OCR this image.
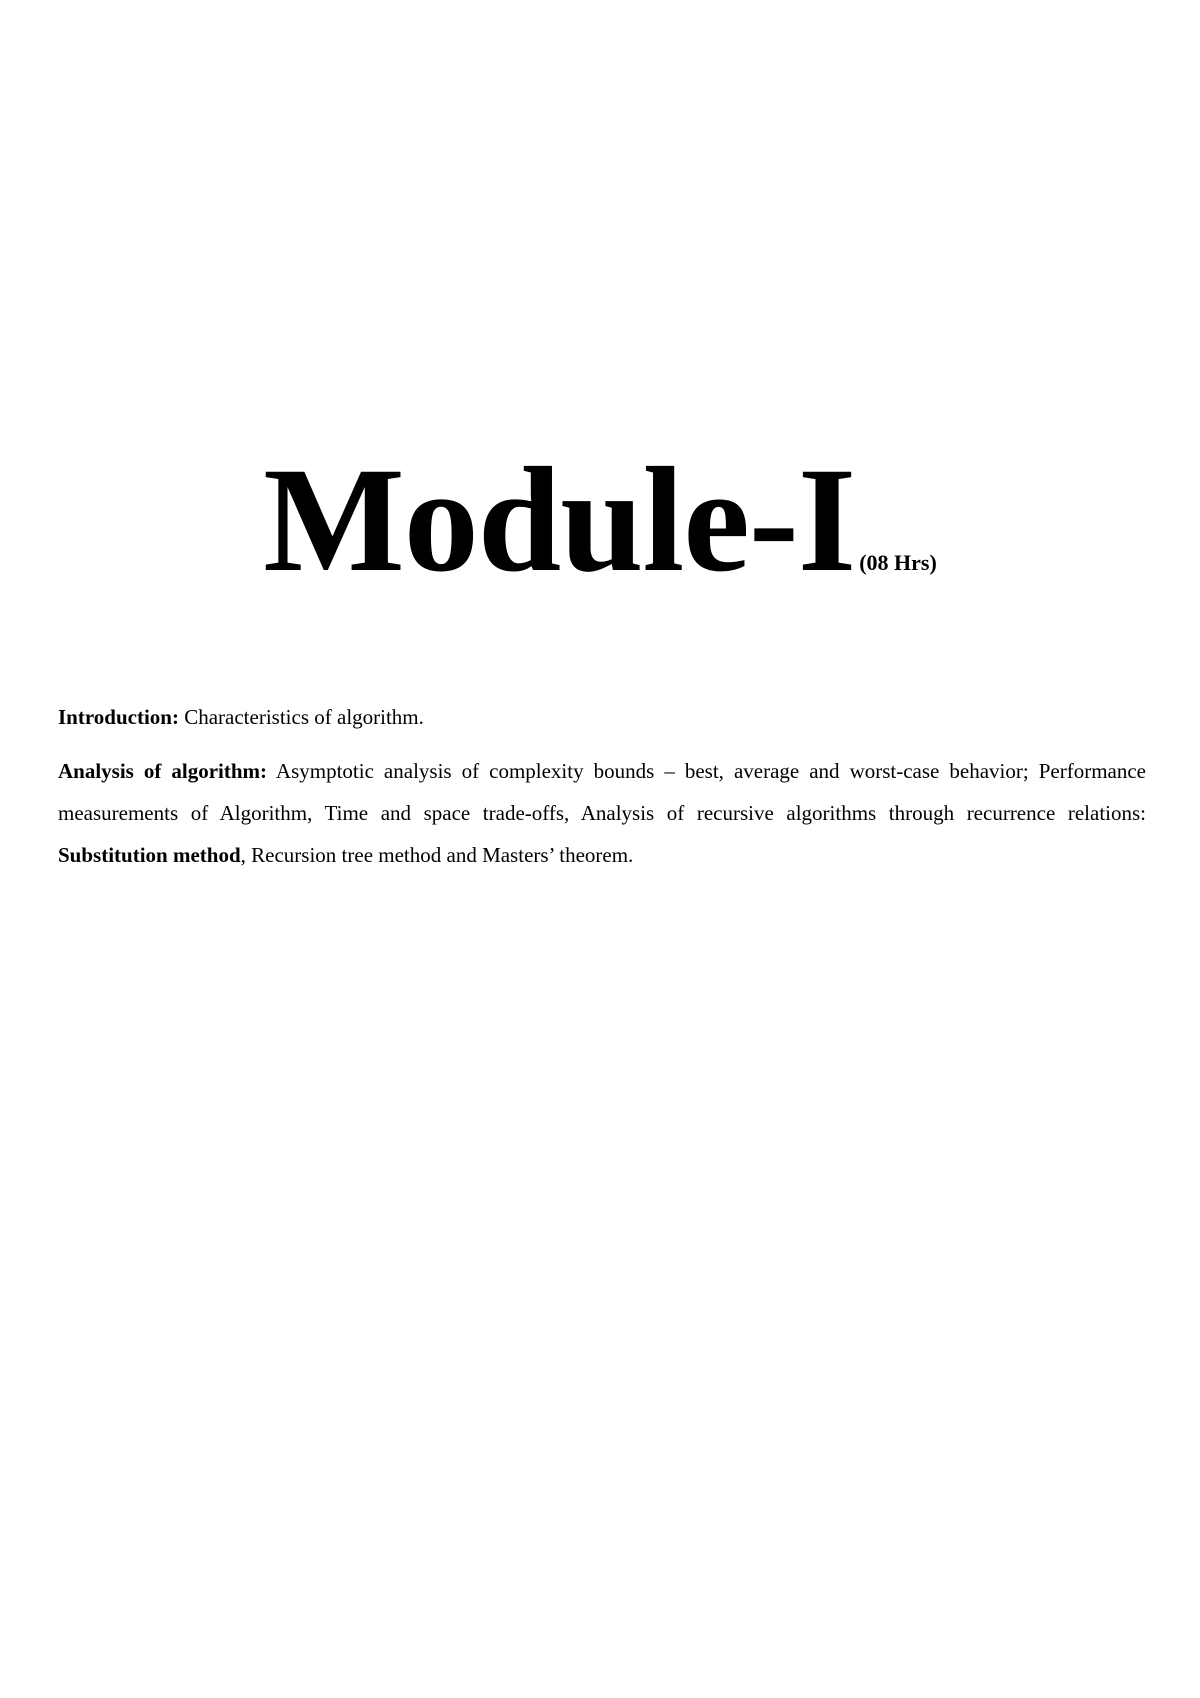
Module-I (08 Hrs)

Introduction: Characteristics of algorithm.

Analysis of algorithm: Asymptotic analysis of complexity bounds – best, average and worst-case behavior; Performance measurements of Algorithm, Time and space trade-offs, Analysis of recursive algorithms through recurrence relations: Substitution method, Recursion tree method and Masters’ theorem.
